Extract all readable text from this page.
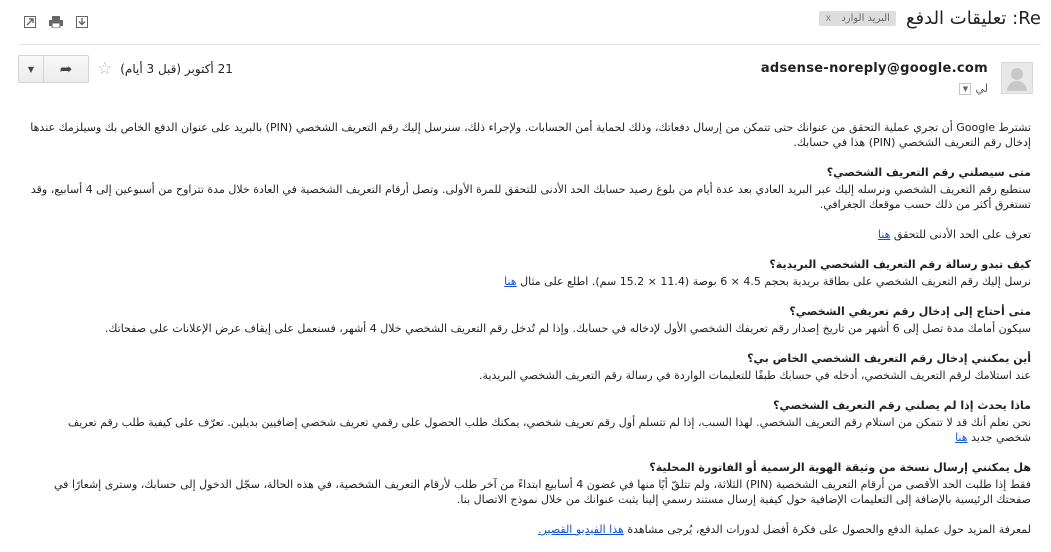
Re: تعليقات الدفع
البريد الوارد
x
adsense-noreply@google.com
لي
▼
▼ ➦ ☆ 21 أكتوبر (قبل 3 أيام)

تشترط Google أن تجري عملية التحقق من عنوانك حتى تتمكن من إرسال دفعاتك، وذلك لحماية أمن الحسابات. ولإجراء ذلك، سنرسل إليك رقم التعريف الشخصي (PIN) بالبريد على عنوان الدفع الخاص بك وسيلزمك عندها إدخال رقم التعريف الشخصي (PIN) هذا في حسابك.

متى سيصلني رقم التعريف الشخصي؟
سنطبع رقم التعريف الشخصي ونرسله إليك عبر البريد العادي بعد عدة أيام من بلوغ رصيد حسابك الحد الأدنى للتحقق للمرة الأولى. وتصل أرقام التعريف الشخصية في العادة خلال مدة تتراوح من أسبوعين إلى 4 أسابيع، وقد تستغرق أكثر من ذلك حسب موقعك الجغرافي.

تعرف على الحد الأدنى للتحقق هنا

كيف تبدو رسالة رقم التعريف الشخصي البريدية؟
نرسل إليك رقم التعريف الشخصي على بطاقة بريدية بحجم 4.5 × 6 بوصة (11.4 × 15.2 سم). اطلع على مثال هنا

متى أحتاج إلى إدخال رقم تعريفي الشخصي؟
سيكون أمامك مدة تصل إلى 6 أشهر من تاريخ إصدار رقم تعريفك الشخصي الأول لإدخاله في حسابك. وإذا لم تُدخل رقم التعريف الشخصي خلال 4 أشهر، فسنعمل على إيقاف عرض الإعلانات على صفحاتك.

أين يمكنني إدخال رقم التعريف الشخصي الخاص بي؟
عند استلامك لرقم التعريف الشخصي، أدخله في حسابك طبقًا للتعليمات الواردة في رسالة رقم التعريف الشخصي البريدية.

ماذا يحدث إذا لم يصلني رقم التعريف الشخصي؟
نحن نعلم أنك قد لا تتمكن من استلام رقم التعريف الشخصي. لهذا السبب، إذا لم تتسلم أول رقم تعريف شخصي، يمكنك طلب الحصول على رقمي تعريف شخصي إضافيين بديلين. تعرّف على كيفية طلب رقم تعريف شخصي جديد هنا

هل يمكنني إرسال نسخة من وثيقة الهوية الرسمية أو الفاتورة المحلية؟
فقط إذا طلبت الحد الأقصى من أرقام التعريف الشخصية (PIN) الثلاثة، ولم تتلقّ أيًا منها في غضون 4 أسابيع ابتداءً من آخر طلب لأرقام التعريف الشخصية، في هذه الحالة، سجّل الدخول إلى حسابك، وسترى إشعارًا في صفحتك الرئيسية بالإضافة إلى التعليمات الإضافية حول كيفية إرسال مستند رسمي إلينا يثبت عنوانك من خلال نموذج الاتصال بنا.

لمعرفة المزيد حول عملية الدفع والحصول على فكرة أفضل لدورات الدفع، يُرجى مشاهدة هذا الفيديو القصير.
